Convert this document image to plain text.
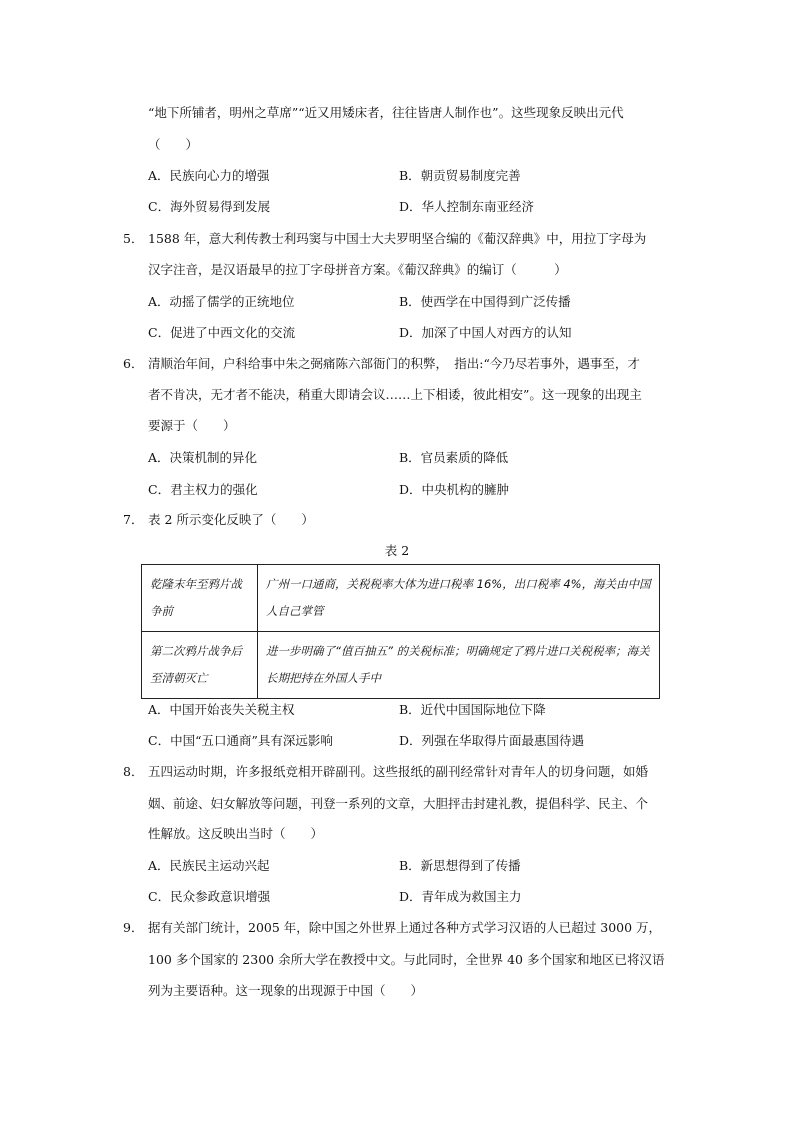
“地下所铺者，明州之草席”“近又用矮床者，往往皆唐人制作也”。这些现象反映出元代
（　　）
A．民族向心力的增强	B．朝贡贸易制度完善
C．海外贸易得到发展	D．华人控制东南亚经济
5． 1588 年，意大利传教士利玛窦与中国士大夫罗明坚合编的《葡汉辞典》中，用拉丁字母为
汉字注音，是汉语最早的拉丁字母拼音方案。《葡汉辞典》的编订（　　　）
A．动摇了儒学的正统地位	B．使西学在中国得到广泛传播
C．促进了中西文化的交流	D．加深了中国人对西方的认知
6． 清顺治年间，户科给事中朱之弼痛陈六部衙门的积弊，　指出:“今乃尽若事外，遇事至，才
者不肯决，无才者不能决，稍重大即请会议……上下相诿，彼此相安”。这一现象的出现主
要源于（　　）
A．决策机制的异化	B．官员素质的降低
C．君主权力的强化	D．中央机构的臃肿
7． 表 2 所示变化反映了（　　）
表 2
乾隆末年至鸦片战争前	广州一口通商，关税税率大体为进口税率 16%，出口税率 4%，海关由中国人自己掌管
第二次鸦片战争后至清朝灭亡	进一步明确了“值百抽五” 的关税标准；明确规定了鸦片进口关税税率；海关长期把持在外国人手中
A．中国开始丧失关税主权	B．近代中国国际地位下降
C．中国“五口通商”具有深远影响	D．列强在华取得片面最惠国待遇
8． 五四运动时期，许多报纸竞相开辟副刊。这些报纸的副刊经常针对青年人的切身问题，如婚
姻、前途、妇女解放等问题，刊登一系列的文章，大胆抨击封建礼教，提倡科学、民主、个
性解放。这反映出当时（　　）
A．民族民主运动兴起	B．新思想得到了传播
C．民众参政意识增强	D．青年成为救国主力
9． 据有关部门统计，2005 年，除中国之外世界上通过各种方式学习汉语的人已超过 3000 万，
100 多个国家的 2300 余所大学在教授中文。与此同时，全世界 40 多个国家和地区已将汉语
列为主要语种。这一现象的出现源于中国（　　）
